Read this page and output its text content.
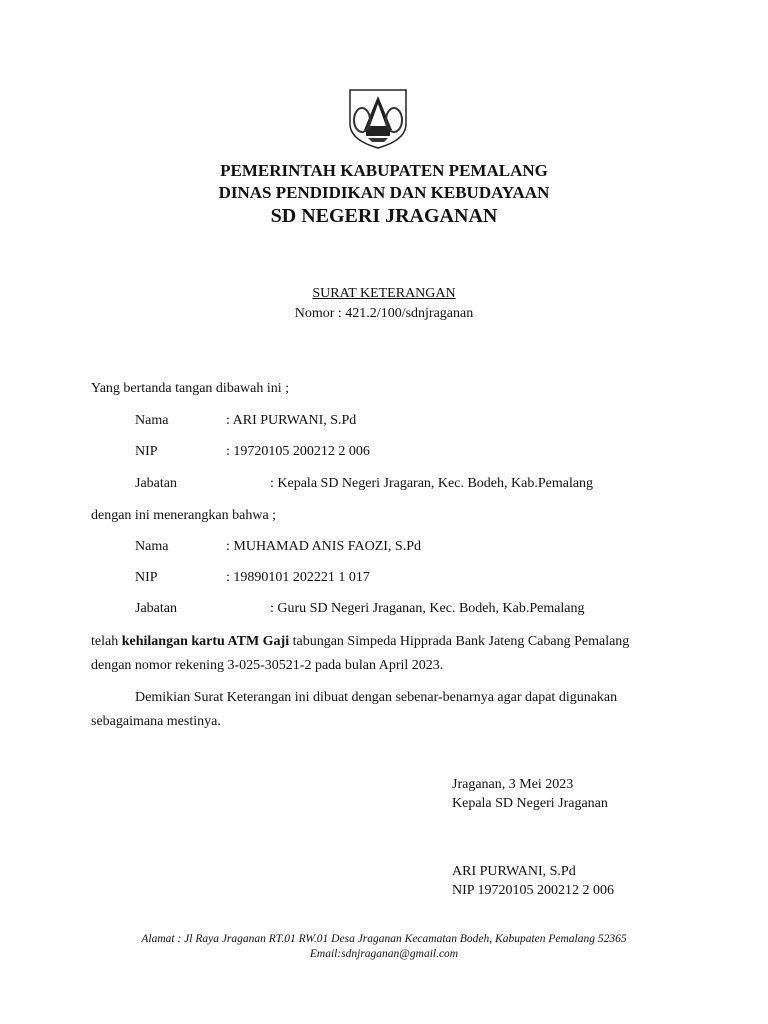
PEMERINTAH KABUPATEN PEMALANG
DINAS PENDIDIKAN DAN KEBUDAYAAN
SD NEGERI JRAGANAN
SURAT KETERANGAN
Nomor : 421.2/100/sdnjraganan
Yang bertanda tangan dibawah ini ;
Nama	: ARI PURWANI, S.Pd
NIP	: 19720105 200212 2 006
Jabatan	: Kepala SD Negeri Jragaran, Kec. Bodeh, Kab.Pemalang
dengan ini menerangkan bahwa ;
Nama	: MUHAMAD ANIS FAOZI, S.Pd
NIP	: 19890101 202221 1 017
Jabatan	: Guru SD Negeri Jraganan, Kec. Bodeh, Kab.Pemalang
telah kehilangan kartu ATM Gaji tabungan Simpeda Hipprada Bank Jateng Cabang Pemalang
dengan nomor rekening 3-025-30521-2 pada bulan April 2023.
Demikian Surat Keterangan ini dibuat dengan sebenar-benarnya agar dapat digunakan
sebagaimana mestinya.
Jraganan, 3 Mei 2023
Kepala SD Negeri Jraganan
ARI PURWANI, S.Pd
NIP 19720105 200212 2 006
Alamat : Jl Raya Jraganan RT.01 RW.01 Desa Jraganan Kecamatan Bodeh, Kabupaten Pemalang 52365
Email:sdnjraganan@gmail.com
